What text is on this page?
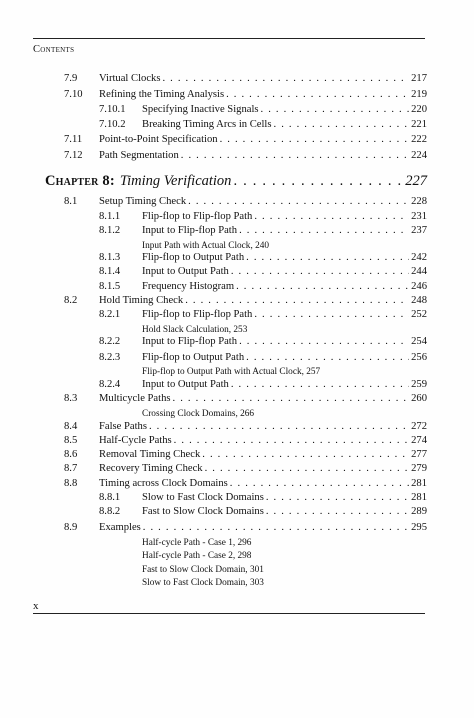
Contents
7.9 Virtual Clocks . . .	217
7.10 Refining the Timing Analysis . . .	219
7.10.1 Specifying Inactive Signals . . .	220
7.10.2 Breaking Timing Arcs in Cells . . .	221
7.11 Point-to-Point Specification . . .	222
7.12 Path Segmentation . . .	224
Chapter 8: Timing Verification . . .	227
8.1 Setup Timing Check . . .	228
8.1.1 Flip-flop to Flip-flop Path . . .	231
8.1.2 Input to Flip-flop Path . . .	237
Input Path with Actual Clock, 240
8.1.3 Flip-flop to Output Path . . .	242
8.1.4 Input to Output Path . . .	244
8.1.5 Frequency Histogram . . .	246
8.2 Hold Timing Check . . .	248
8.2.1 Flip-flop to Flip-flop Path . . .	252
Hold Slack Calculation, 253
8.2.2 Input to Flip-flop Path . . .	254
8.2.3 Flip-flop to Output Path . . .	256
Flip-flop to Output Path with Actual Clock, 257
8.2.4 Input to Output Path . . .	259
8.3 Multicycle Paths . . .	260
Crossing Clock Domains, 266
8.4 False Paths . . .	272
8.5 Half-Cycle Paths . . .	274
8.6 Removal Timing Check . . .	277
8.7 Recovery Timing Check . . .	279
8.8 Timing across Clock Domains . . .	281
8.8.1 Slow to Fast Clock Domains . . .	281
8.8.2 Fast to Slow Clock Domains . . .	289
8.9 Examples . . .	295
Half-cycle Path - Case 1, 296
Half-cycle Path - Case 2, 298
Fast to Slow Clock Domain, 301
Slow to Fast Clock Domain, 303
x
